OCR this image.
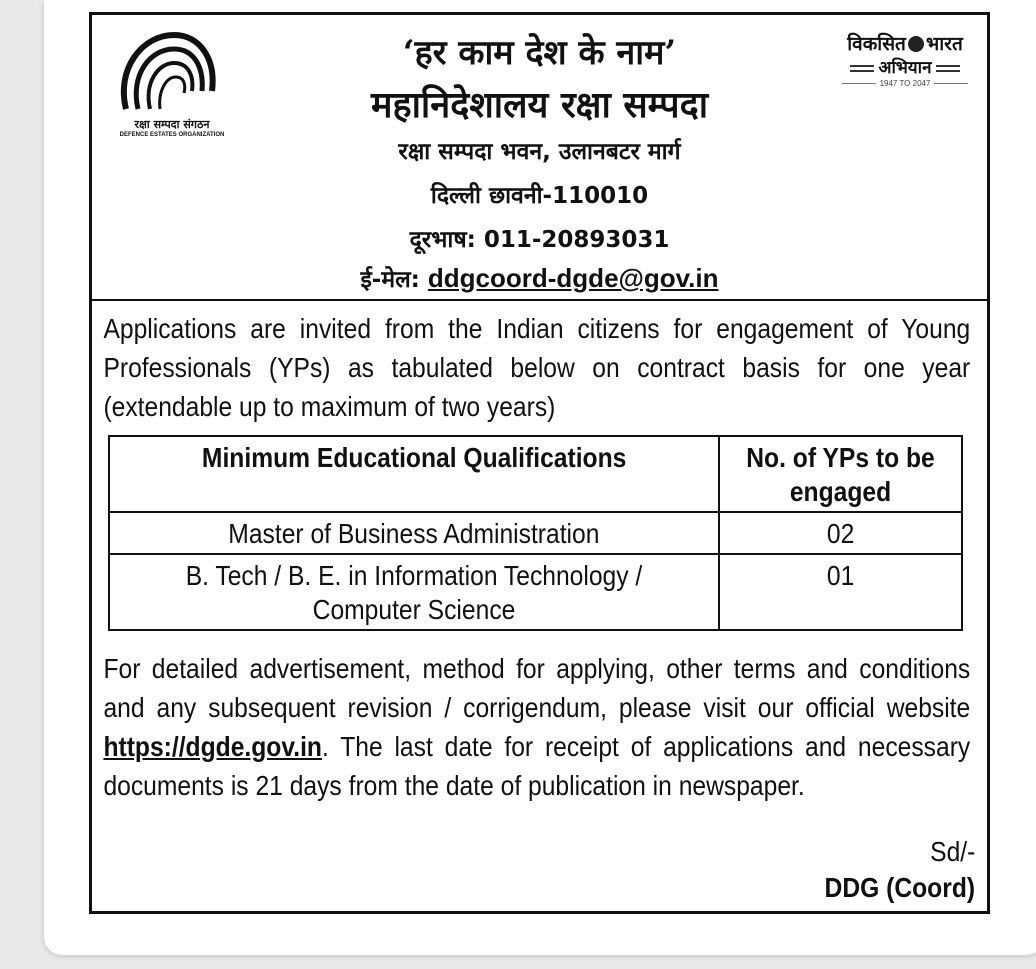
रक्षा सम्पदा संगठन
DEFENCE ESTATES ORGANIZATION
‘हर काम देश के नाम’
महानिदेशालय रक्षा सम्पदा
रक्षा सम्पदा भवन, उलानबटर मार्ग
दिल्ली छावनी-110010
दूरभाष: 011-20893031
ई-मेल: ddgcoord-dgde@gov.in
विकसित भारत
अभियान
1947 TO 2047

Applications are invited from the Indian citizens for engagement of Young Professionals (YPs) as tabulated below on contract basis for one year (extendable up to maximum of two years)

Minimum Educational Qualifications	No. of YPs to be engaged
Master of Business Administration	02
B. Tech / B. E. in Information Technology / Computer Science	01

For detailed advertisement, method for applying, other terms and conditions and any subsequent revision / corrigendum, please visit our official website https://dgde.gov.in. The last date for receipt of applications and necessary documents is 21 days from the date of publication in newspaper.

Sd/-
DDG (Coord)
